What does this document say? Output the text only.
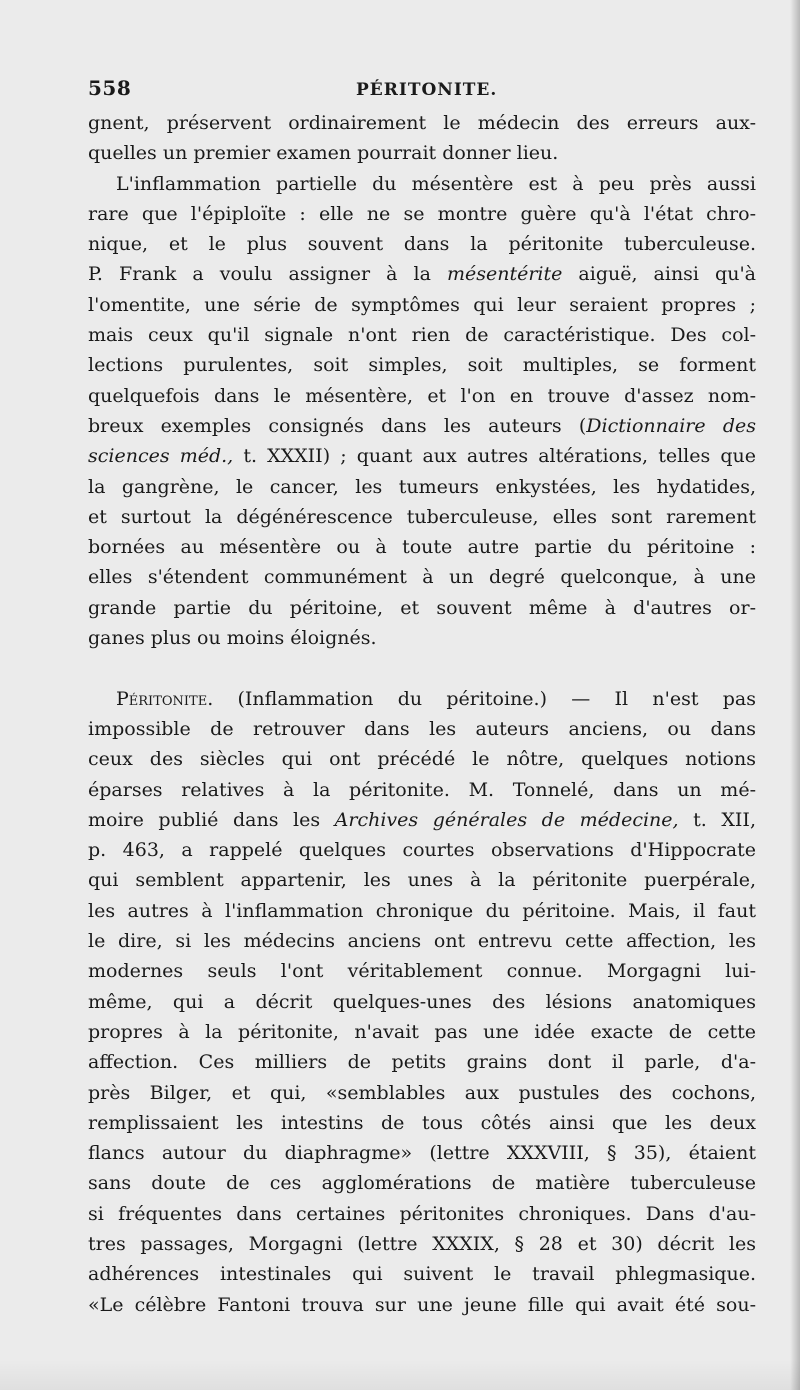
558	PÉRITONITE.
gnent, préservent ordinairement le médecin des erreurs aux-
quelles un premier examen pourrait donner lieu.
L'inflammation partielle du mésentère est à peu près aussi
rare que l'épiploïte : elle ne se montre guère qu'à l'état chro-
nique, et le plus souvent dans la péritonite tuberculeuse.
P. Frank a voulu assigner à la mésentérite aiguë, ainsi qu'à
l'omentite, une série de symptômes qui leur seraient propres ;
mais ceux qu'il signale n'ont rien de caractéristique. Des col-
lections purulentes, soit simples, soit multiples, se forment
quelquefois dans le mésentère, et l'on en trouve d'assez nom-
breux exemples consignés dans les auteurs (Dictionnaire des
sciences méd., t. XXXII) ; quant aux autres altérations, telles que
la gangrène, le cancer, les tumeurs enkystées, les hydatides,
et surtout la dégénérescence tuberculeuse, elles sont rarement
bornées au mésentère ou à toute autre partie du péritoine :
elles s'étendent communément à un degré quelconque, à une
grande partie du péritoine, et souvent même à d'autres or-
ganes plus ou moins éloignés.
Péritonite. (Inflammation du péritoine.) — Il n'est pas
impossible de retrouver dans les auteurs anciens, ou dans
ceux des siècles qui ont précédé le nôtre, quelques notions
éparses relatives à la péritonite. M. Tonnelé, dans un mé-
moire publié dans les Archives générales de médecine, t. XII,
p. 463, a rappelé quelques courtes observations d'Hippocrate
qui semblent appartenir, les unes à la péritonite puerpérale,
les autres à l'inflammation chronique du péritoine. Mais, il faut
le dire, si les médecins anciens ont entrevu cette affection, les
modernes seuls l'ont véritablement connue. Morgagni lui-
même, qui a décrit quelques-unes des lésions anatomiques
propres à la péritonite, n'avait pas une idée exacte de cette
affection. Ces milliers de petits grains dont il parle, d'a-
près Bilger, et qui, «semblables aux pustules des cochons,
remplissaient les intestins de tous côtés ainsi que les deux
flancs autour du diaphragme» (lettre XXXVIII, § 35), étaient
sans doute de ces agglomérations de matière tuberculeuse
si fréquentes dans certaines péritonites chroniques. Dans d'au-
tres passages, Morgagni (lettre XXXIX, § 28 et 30) décrit les
adhérences intestinales qui suivent le travail phlegmasique.
«Le célèbre Fantoni trouva sur une jeune fille qui avait été sou-
